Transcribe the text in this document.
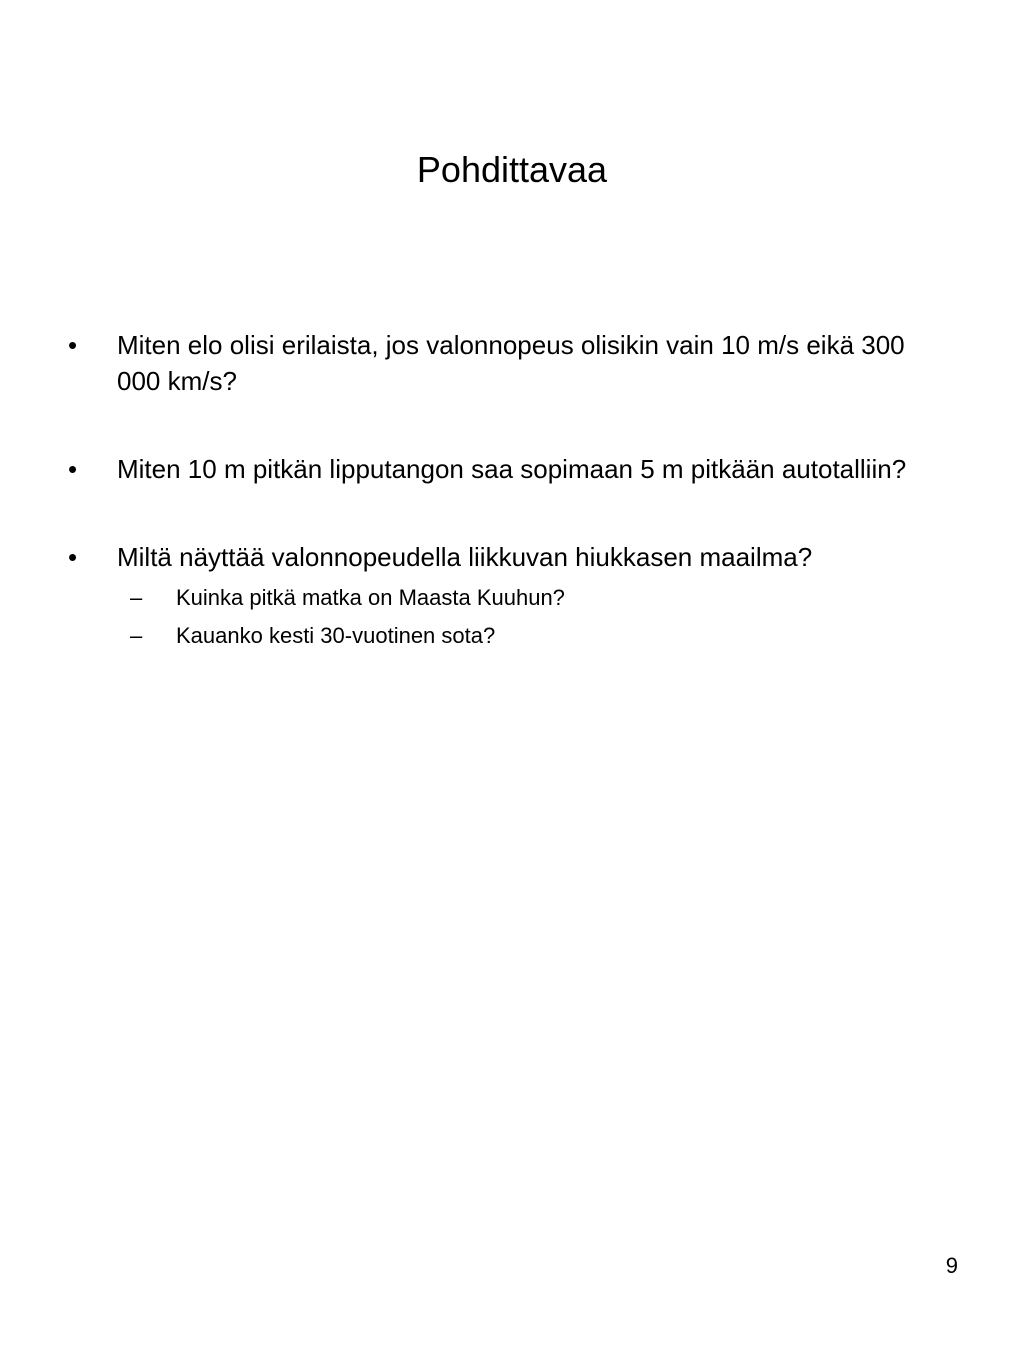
Pohdittavaa
•	Miten elo olisi erilaista, jos valonnopeus olisikin vain 10 m/s eikä 300 000 km/s?
•	Miten 10 m pitkän lipputangon saa sopimaan 5 m pitkään autotalliin?
•	Miltä näyttää valonnopeudella liikkuvan hiukkasen maailma?
– Kuinka pitkä matka on Maasta Kuuhun?
– Kauanko kesti 30-vuotinen sota?
9
